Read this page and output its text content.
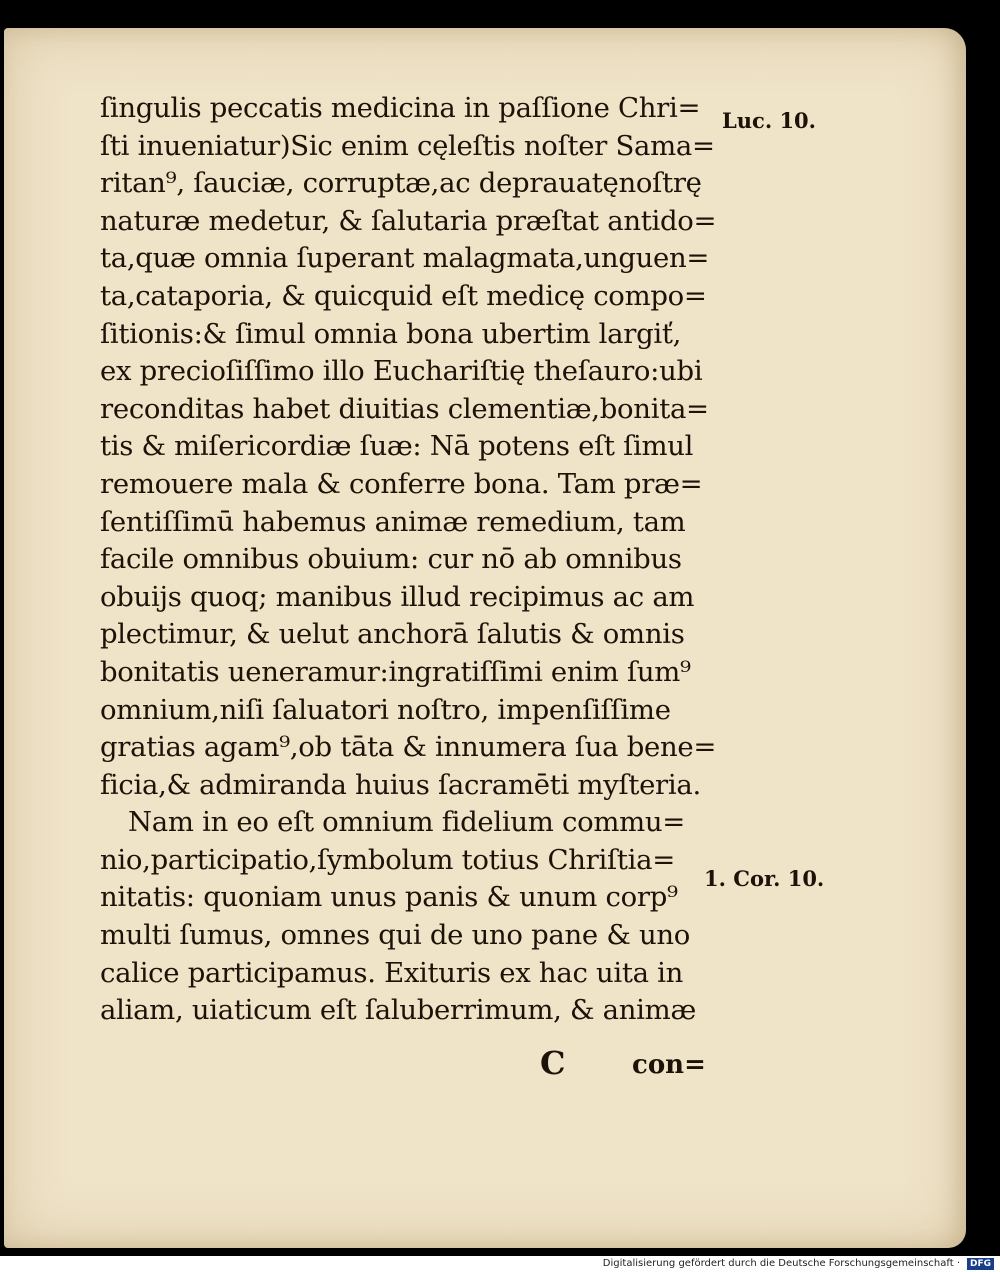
ſingulis peccatis medicina in paſſione Chri=
ſti inueniatur)Sic enim cęleſtis noſter Sama=
ritan⁹, ſauciæ, corruptæ,ac deprauatęnoſtrę
naturæ medetur, & ſalutaria præſtat antido=
ta,quæ omnia ſuperant malagmata,unguen=
ta,cataporia, & quicquid eſt medicę compo=
ſitionis:& ſimul omnia bona ubertim largiť,
ex precioſiſſimo illo Euchariſtię theſauro:ubi
reconditas habet diuitias clementiæ,bonita=
tis & miſericordiæ ſuæ: Nā potens eſt ſimul
remouere mala & conferre bona. Tam præ=
ſentiſſimū habemus animæ remedium, tam
facile omnibus obuium: cur nō ab omnibus
obuijs quoq; manibus illud recipimus ac am
plectimur, & uelut anchorā ſalutis & omnis
bonitatis ueneramur:ingratiſſimi enim ſum⁹
omnium,niſi ſaluatori noſtro, impenſiſſime
gratias agam⁹,ob tāta & innumera ſua bene=
ficia,& admiranda huius ſacramēti myſteria.
Nam in eo eſt omnium fidelium commu=
nio,participatio,ſymbolum totius Chriſtia=
nitatis: quoniam unus panis & unum corp⁹
multi ſumus, omnes qui de uno pane & uno
calice participamus. Exituris ex hac uita in
aliam, uiaticum eſt ſaluberrimum, & animæ
C	con=
Luc. 10.
1. Cor. 10.
Digitalisierung gefördert durch die Deutsche Forschungsgemeinschaft ·	DFG
